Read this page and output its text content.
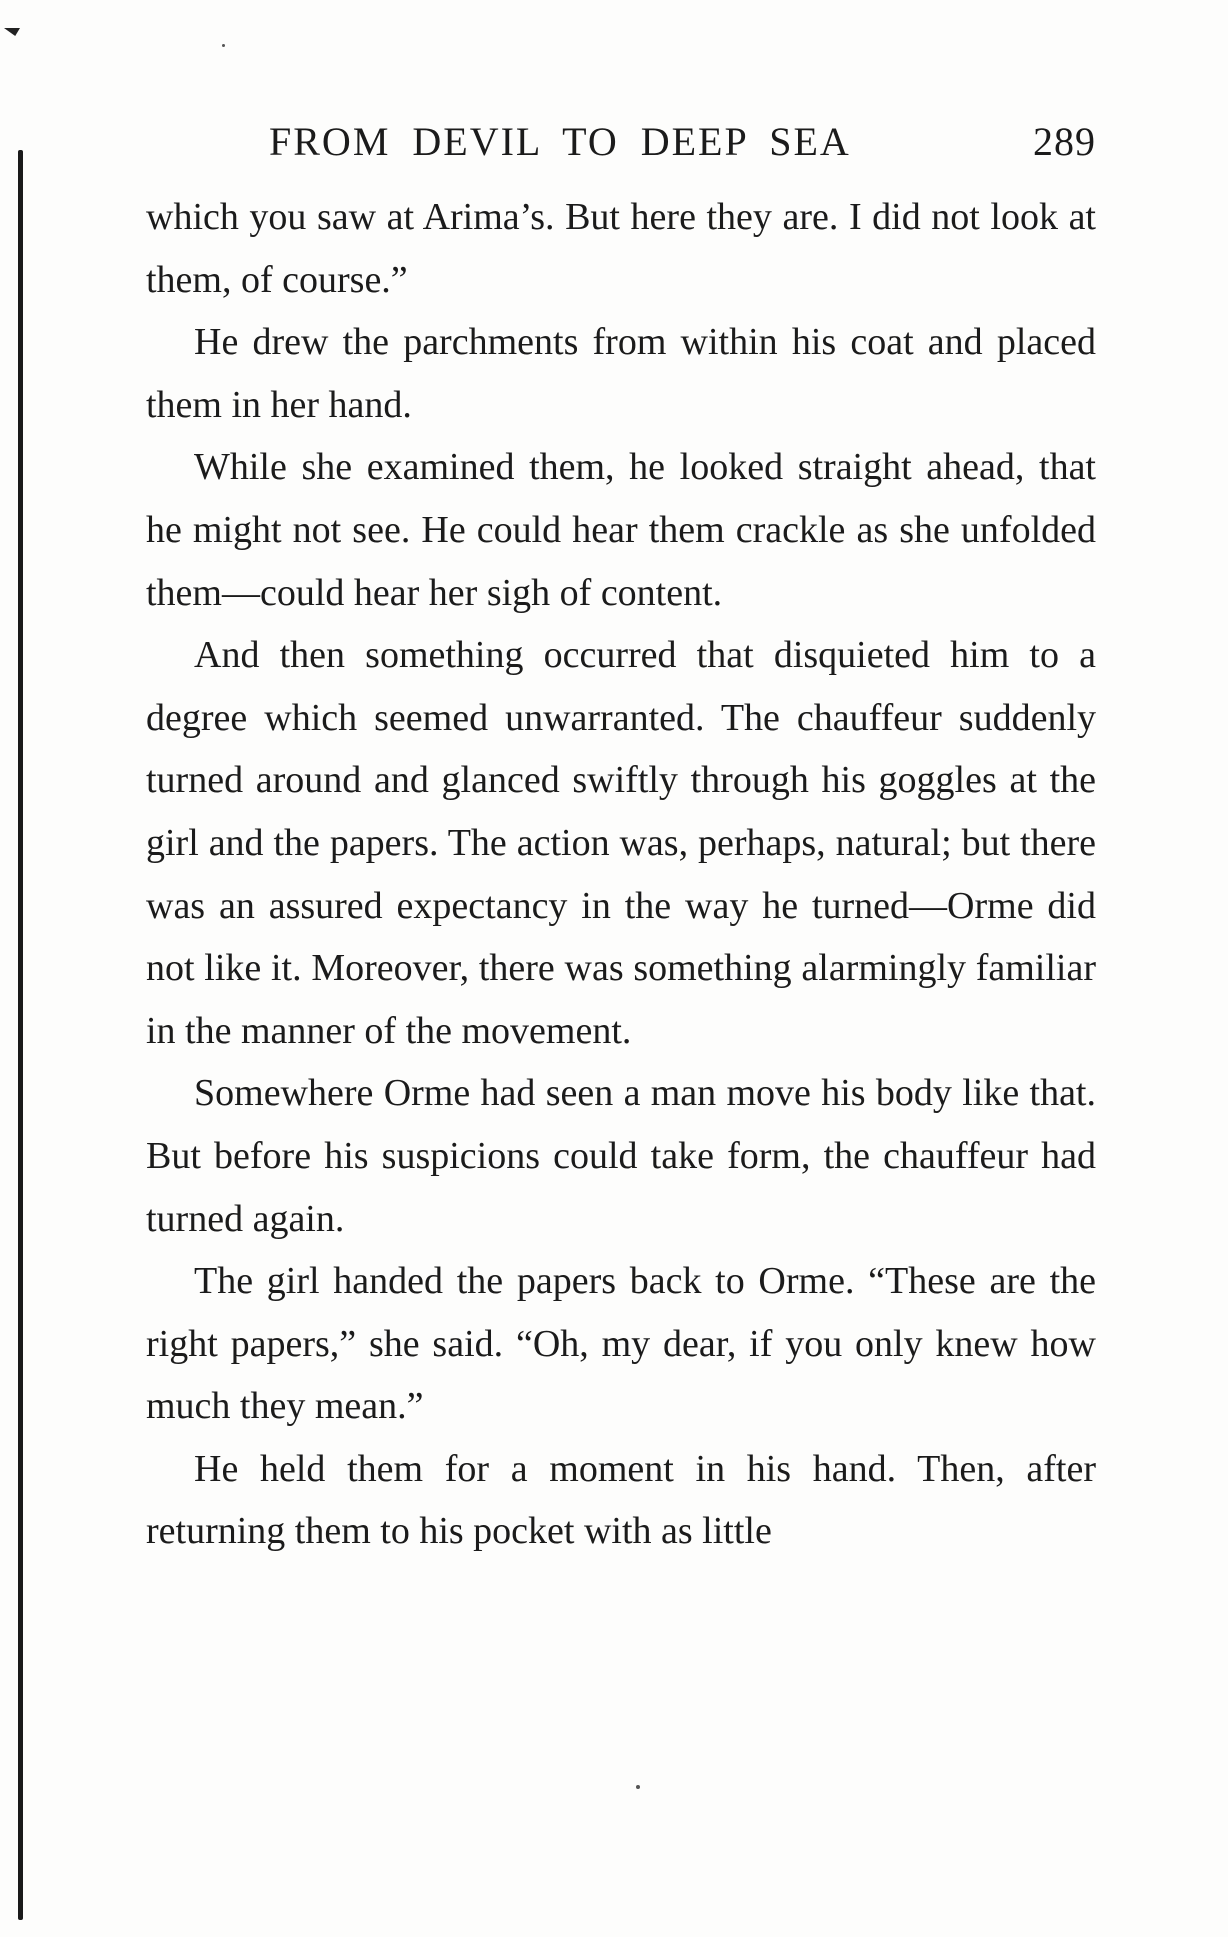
FROM DEVIL TO DEEP SEA	289

which you saw at Arima’s. But here they are. I did not look at them, of course.”

He drew the parchments from within his coat and placed them in her hand.

While she examined them, he looked straight ahead, that he might not see. He could hear them crackle as she unfolded them—could hear her sigh of content.

And then something occurred that disquieted him to a degree which seemed unwarranted. The chauffeur suddenly turned around and glanced swiftly through his goggles at the girl and the papers. The action was, perhaps, natural; but there was an assured expectancy in the way he turned—Orme did not like it. Moreover, there was something alarmingly familiar in the manner of the movement.

Somewhere Orme had seen a man move his body like that. But before his suspicions could take form, the chauffeur had turned again.

The girl handed the papers back to Orme. “These are the right papers,” she said. “Oh, my dear, if you only knew how much they mean.”

He held them for a moment in his hand. Then, after returning them to his pocket with as little
